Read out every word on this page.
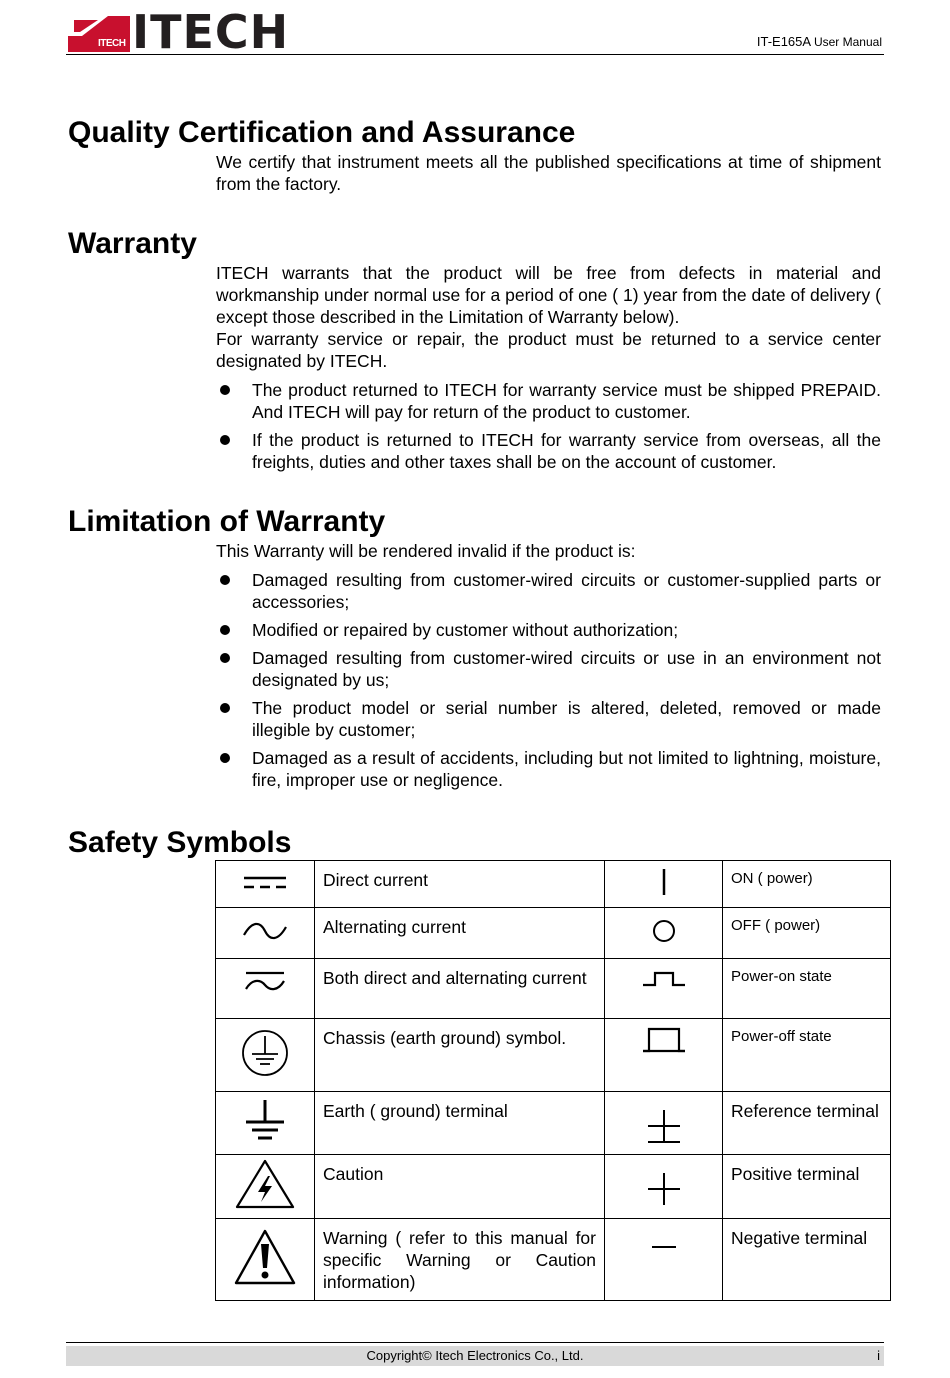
ITECH ITECH	IT-E165A User Manual
Quality Certification and Assurance
We certify that instrument meets all the published specifications at time of shipment from the factory.
Warranty
ITECH warrants that the product will be free from defects in material and workmanship under normal use for a period of one ( 1) year from the date of delivery ( except those described in the Limitation of Warranty below).
For warranty service or repair, the product must be returned to a service center designated by ITECH.
The product returned to ITECH for warranty service must be shipped PREPAID. And ITECH will pay for return of the product to customer.
If the product is returned to ITECH for warranty service from overseas, all the freights, duties and other taxes shall be on the account of customer.
Limitation of Warranty
This Warranty will be rendered invalid if the product is:
Damaged resulting from customer-wired circuits or customer-supplied parts or accessories;
Modified or repaired by customer without authorization;
Damaged resulting from customer-wired circuits or use in an environment not designated by us;
The product model or serial number is altered, deleted, removed or made illegible by customer;
Damaged as a result of accidents, including but not limited to lightning, moisture, fire, improper use or negligence.
Safety Symbols
	Direct current		ON ( power)
	Alternating current		OFF ( power)
	Both direct and alternating current		Power-on state
	Chassis (earth ground) symbol.		Power-off state
	Earth ( ground) terminal		Reference terminal
	Caution		Positive terminal
	Warning ( refer to this manual for specific Warning or Caution information)		Negative terminal
Copyright© Itech Electronics Co., Ltd.	i
